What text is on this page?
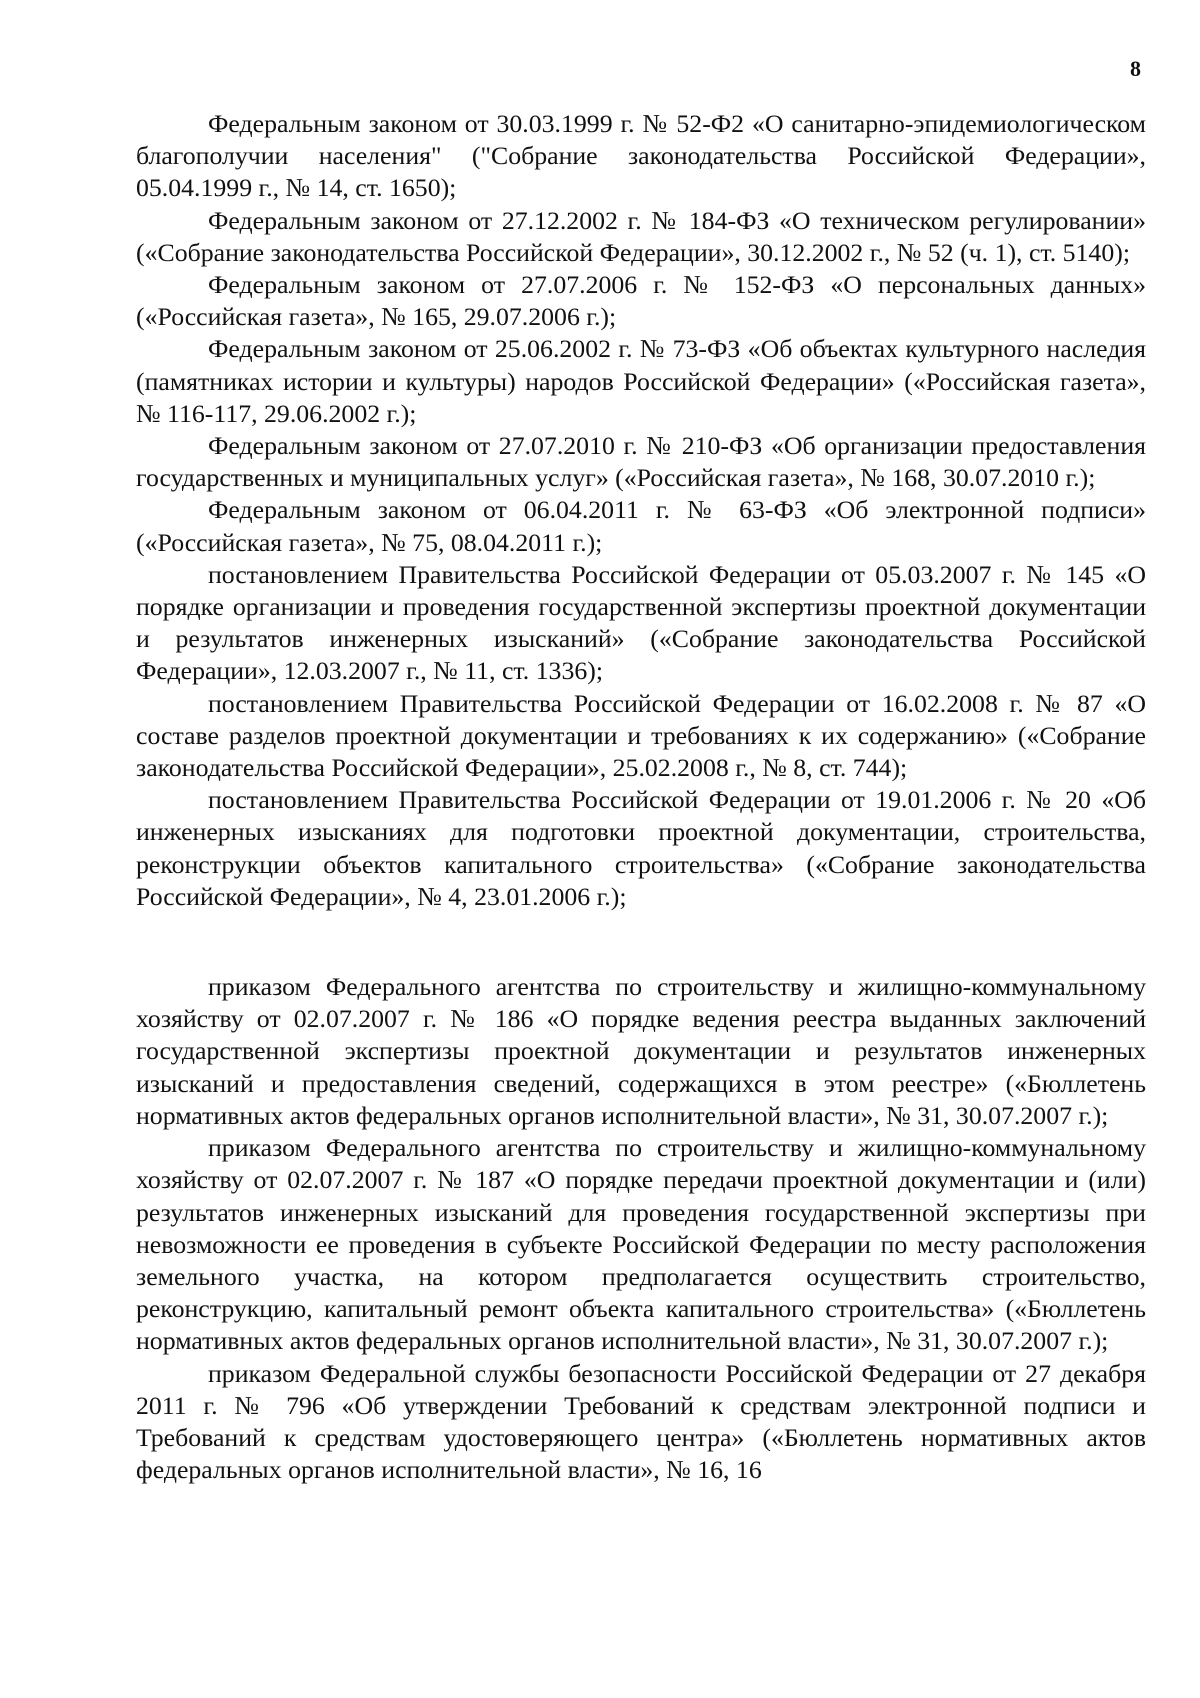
8

Федеральным законом от 30.03.1999 г. № 52-Ф2 «О санитарно-эпидемиологическом благополучии населения" ("Собрание законодательства Российской Федерации», 05.04.1999 г., № 14, ст. 1650);

Федеральным законом от 27.12.2002 г. № 184-ФЗ «О техническом регулировании» («Собрание законодательства Российской Федерации», 30.12.2002 г., № 52 (ч. 1), ст. 5140);

Федеральным законом от 27.07.2006 г. № 152-ФЗ «О персональных данных» («Российская газета», № 165, 29.07.2006 г.);

Федеральным законом от 25.06.2002 г. № 73-ФЗ «Об объектах культурного наследия (памятниках истории и культуры) народов Российской Федерации» («Российская газета», № 116-117, 29.06.2002 г.);

Федеральным законом от 27.07.2010 г. № 210-ФЗ «Об организации предоставления государственных и муниципальных услуг» («Российская газета», № 168, 30.07.2010 г.);

Федеральным законом от 06.04.2011 г. № 63-ФЗ «Об электронной подписи» («Российская газета», № 75, 08.04.2011 г.);

постановлением Правительства Российской Федерации от 05.03.2007 г. № 145 «О порядке организации и проведения государственной экспертизы проектной документации и результатов инженерных изысканий» («Собрание законодательства Российской Федерации», 12.03.2007 г., № 11, ст. 1336);

постановлением Правительства Российской Федерации от 16.02.2008 г. № 87 «О составе разделов проектной документации и требованиях к их содержанию» («Собрание законодательства Российской Федерации», 25.02.2008 г., № 8, ст. 744);

постановлением Правительства Российской Федерации от 19.01.2006 г. № 20 «Об инженерных изысканиях для подготовки проектной документации, строительства, реконструкции объектов капитального строительства» («Собрание законодательства Российской Федерации», № 4, 23.01.2006 г.);

приказом Федерального агентства по строительству и жилищно-коммунальному хозяйству от 02.07.2007 г. № 186 «О порядке ведения реестра выданных заключений государственной экспертизы проектной документации и результатов инженерных изысканий и предоставления сведений, содержащихся в этом реестре» («Бюллетень нормативных актов федеральных органов исполнительной власти», № 31, 30.07.2007 г.);

приказом Федерального агентства по строительству и жилищно-коммунальному хозяйству от 02.07.2007 г. № 187 «О порядке передачи проектной документации и (или) результатов инженерных изысканий для проведения государственной экспертизы при невозможности ее проведения в субъекте Российской Федерации по месту расположения земельного участка, на котором предполагается осуществить строительство, реконструкцию, капитальный ремонт объекта капитального строительства» («Бюллетень нормативных актов федеральных органов исполнительной власти», № 31, 30.07.2007 г.);

приказом Федеральной службы безопасности Российской Федерации от 27 декабря 2011 г. № 796 «Об утверждении Требований к средствам электронной подписи и Требований к средствам удостоверяющего центра» («Бюллетень нормативных актов федеральных органов исполнительной власти», № 16, 16
